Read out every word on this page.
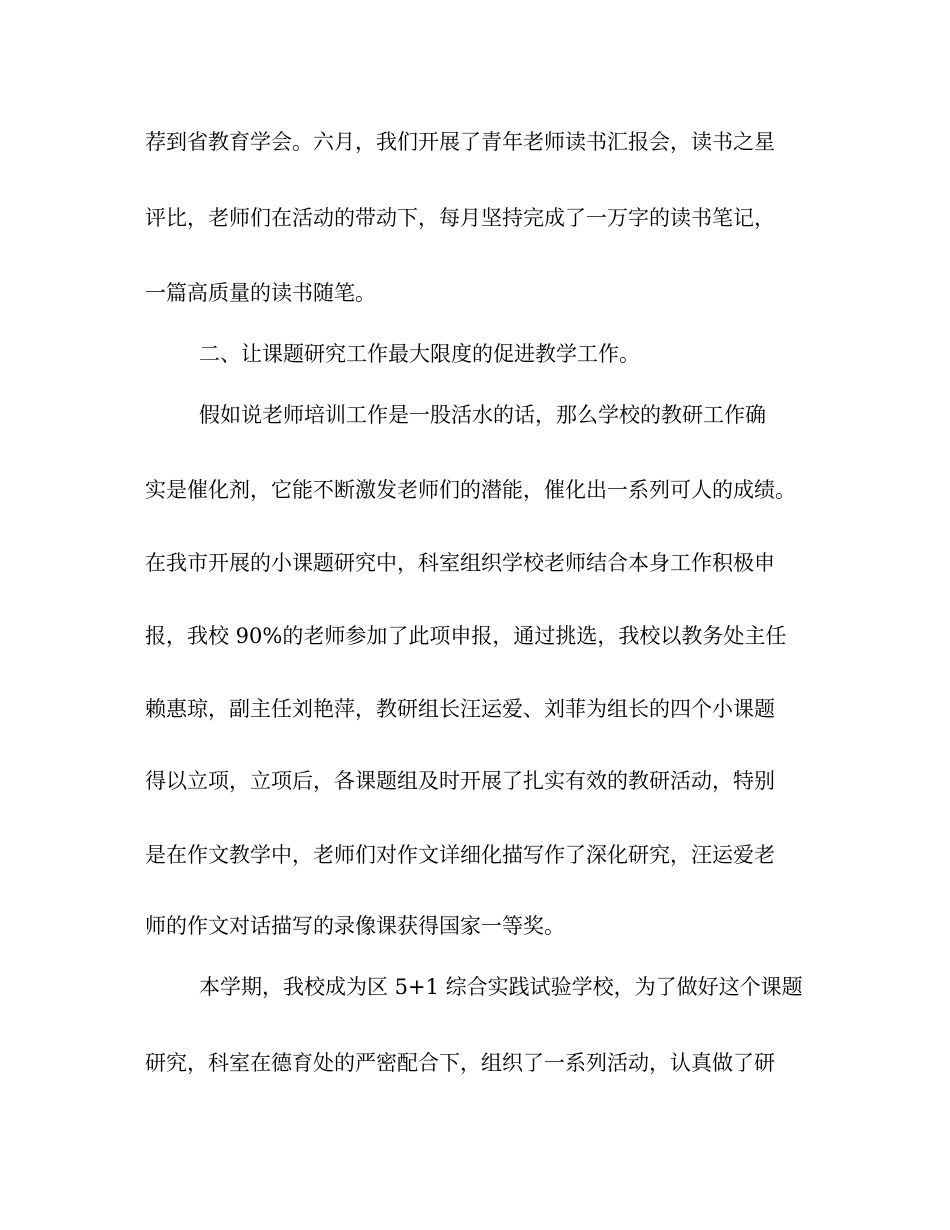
荐到省教育学会。六月，我们开展了青年老师读书汇报会，读书之星

评比，老师们在活动的带动下，每月坚持完成了一万字的读书笔记，

一篇高质量的读书随笔。

二、让课题研究工作最大限度的促进教学工作。

假如说老师培训工作是一股活水的话，那么学校的教研工作确

实是催化剂，它能不断激发老师们的潜能，催化出一系列可人的成绩。

在我市开展的小课题研究中，科室组织学校老师结合本身工作积极申

报，我校 90%的老师参加了此项申报，通过挑选，我校以教务处主任

赖惠琼，副主任刘艳萍，教研组长汪运爱、刘菲为组长的四个小课题

得以立项，立项后，各课题组及时开展了扎实有效的教研活动，特别

是在作文教学中，老师们对作文详细化描写作了深化研究，汪运爱老

师的作文对话描写的录像课获得国家一等奖。

本学期，我校成为区 5+1 综合实践试验学校，为了做好这个课题

研究，科室在德育处的严密配合下，组织了一系列活动，认真做了研
